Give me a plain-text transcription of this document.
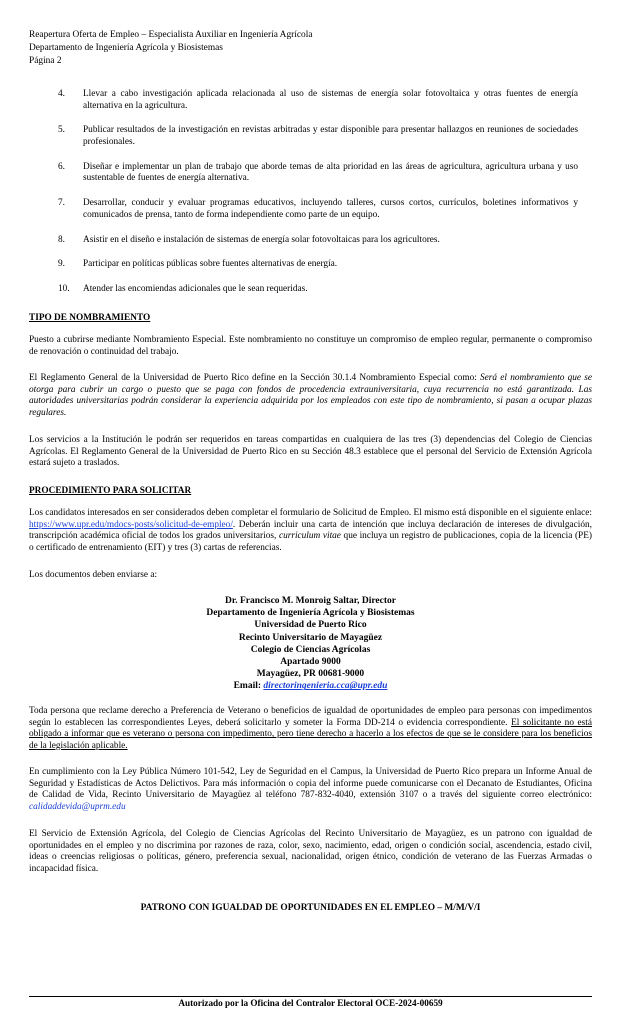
Reapertura Oferta de Empleo – Especialista Auxiliar en Ingeniería Agrícola
Departamento de Ingeniería Agrícola y Biosistemas
Página 2
4.	Llevar a cabo investigación aplicada relacionada al uso de sistemas de energía solar fotovoltaica y otras fuentes de energía alternativa en la agricultura.
5.	Publicar resultados de la investigación en revistas arbitradas y estar disponible para presentar hallazgos en reuniones de sociedades profesionales.
6.	Diseñar e implementar un plan de trabajo que aborde temas de alta prioridad en las áreas de agricultura, agricultura urbana y uso sustentable de fuentes de energía alternativa.
7.	Desarrollar, conducir y evaluar programas educativos, incluyendo talleres, cursos cortos, currículos, boletines informativos y comunicados de prensa, tanto de forma independiente como parte de un equipo.
8.	Asistir en el diseño e instalación de sistemas de energía solar fotovoltaicas para los agricultores.
9.	Participar en políticas públicas sobre fuentes alternativas de energía.
10.	Atender las encomiendas adicionales que le sean requeridas.
TIPO DE NOMBRAMIENTO
Puesto a cubrirse mediante Nombramiento Especial. Este nombramiento no constituye un compromiso de empleo regular, permanente o compromiso de renovación o continuidad del trabajo.
El Reglamento General de la Universidad de Puerto Rico define en la Sección 30.1.4 Nombramiento Especial como: Será el nombramiento que se otorga para cubrir un cargo o puesto que se paga con fondos de procedencia extrauniversitaria, cuya recurrencia no está garantizada. Las autoridades universitarias podrán considerar la experiencia adquirida por los empleados con este tipo de nombramiento, si pasan a ocupar plazas regulares.
Los servicios a la Institución le podrán ser requeridos en tareas compartidas en cualquiera de las tres (3) dependencias del Colegio de Ciencias Agrícolas. El Reglamento General de la Universidad de Puerto Rico en su Sección 48.3 establece que el personal del Servicio de Extensión Agrícola estará sujeto a traslados.
PROCEDIMIENTO PARA SOLICITAR
Los candidatos interesados en ser considerados deben completar el formulario de Solicitud de Empleo. El mismo está disponible en el siguiente enlace: https://www.upr.edu/mdocs-posts/solicitud-de-empleo/. Deberán incluir una carta de intención que incluya declaración de intereses de divulgación, transcripción académica oficial de todos los grados universitarios, curriculum vitae que incluya un registro de publicaciones, copia de la licencia (PE) o certificado de entrenamiento (EIT) y tres (3) cartas de referencias.
Los documentos deben enviarse a:
Dr. Francisco M. Monroig Saltar, Director
Departamento de Ingeniería Agrícola y Biosistemas
Universidad de Puerto Rico
Recinto Universitario de Mayagüez
Colegio de Ciencias Agrícolas
Apartado 9000
Mayagüez, PR 00681-9000
Email: directoringenieria.cca@upr.edu
Toda persona que reclame derecho a Preferencia de Veterano o beneficios de igualdad de oportunidades de empleo para personas con impedimentos según lo establecen las correspondientes Leyes, deberá solicitarlo y someter la Forma DD-214 o evidencia correspondiente. El solicitante no está obligado a informar que es veterano o persona con impedimento, pero tiene derecho a hacerlo a los efectos de que se le considere para los beneficios de la legislación aplicable.
En cumplimiento con la Ley Pública Número 101-542, Ley de Seguridad en el Campus, la Universidad de Puerto Rico prepara un Informe Anual de Seguridad y Estadísticas de Actos Delictivos. Para más información o copia del informe puede comunicarse con el Decanato de Estudiantes, Oficina de Calidad de Vida, Recinto Universitario de Mayagüez al teléfono 787-832-4040, extensión 3107 o a través del siguiente correo electrónico: calidaddevida@uprm.edu
El Servicio de Extensión Agrícola, del Colegio de Ciencias Agrícolas del Recinto Universitario de Mayagüez, es un patrono con igualdad de oportunidades en el empleo y no discrimina por razones de raza, color, sexo, nacimiento, edad, origen o condición social, ascendencia, estado civil, ideas o creencias religiosas o políticas, género, preferencia sexual, nacionalidad, origen étnico, condición de veterano de las Fuerzas Armadas o incapacidad física.
PATRONO CON IGUALDAD DE OPORTUNIDADES EN EL EMPLEO – M/M/V/I
Autorizado por la Oficina del Contralor Electoral OCE-2024-00659
